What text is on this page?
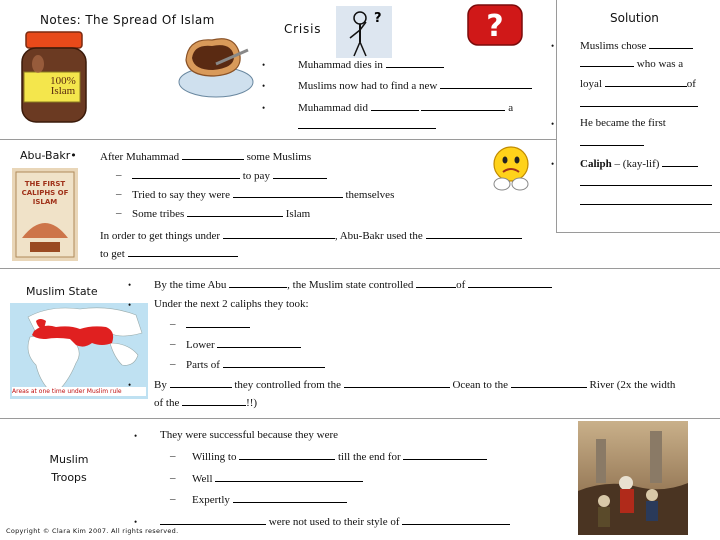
Notes: The Spread Of Islam
Crisis
Solution
100% Islam
?	?
•	Muhammad dies in
•	Muslims now had to find a new
•	Muhammad did	a
• Muslims chose
who was a
loyal	of
• He became the first
• Caliph – (kay-lif)
Abu-Bakr•
THE FIRST CALIPHS OF ISLAM
After Muhammad	some Muslims
–	to pay
– Tried to say they were	themselves
– Some tribes	Islam
In order to get things under	, Abu-Bakr used the
to get
Muslim State
Areas at one time under Muslim rule
• By the time Abu	, the Muslim state controlled	of
• Under the next 2 caliphs they took:
–
– Lower
– Parts of
• By	they controlled from the	Ocean to the	River (2x the width
of the	!!)
Muslim Troops
• They were successful because they were
– Willing to	till the end for
– Well
– Expertly
•	were not used to their style of
Copyright © Clara Kim 2007. All rights reserved.
